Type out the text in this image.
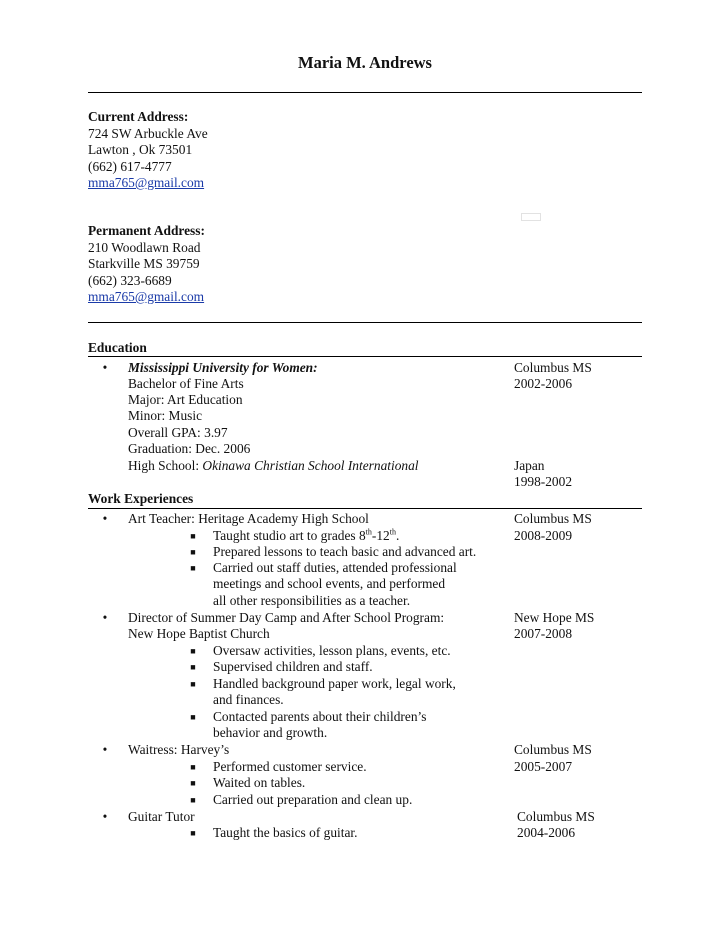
Maria M. Andrews
Current Address:
724 SW Arbuckle Ave
Lawton , Ok 73501
(662) 617-4777
mma765@gmail.com
Permanent Address:
210 Woodlawn Road
Starkville MS 39759
(662) 323-6689
mma765@gmail.com
Education
•	Mississippi University for Women:	Columbus MS
2002-2006
Bachelor of Fine Arts
Major: Art Education
Minor: Music
Overall GPA: 3.97
Graduation: Dec. 2006
High School: Okinawa Christian School International	Japan
1998-2002
Work Experiences
•	Art Teacher: Heritage Academy High School	Columbus MS
2008-2009
■ Taught studio art to grades 8th-12th.
■ Prepared lessons to teach basic and advanced art.
■ Carried out staff duties, attended professional
meetings and school events, and performed
all other responsibilities as a teacher.
•	Director of Summer Day Camp and After School Program:	New Hope MS
New Hope Baptist Church	2007-2008
■ Oversaw activities, lesson plans, events, etc.
■ Supervised children and staff.
■ Handled background paper work, legal work,
and finances.
■ Contacted parents about their children’s
behavior and growth.
•	Waitress: Harvey’s	Columbus MS
2005-2007
■ Performed customer service.
■ Waited on tables.
■ Carried out preparation and clean up.
•	Guitar Tutor	Columbus MS
2004-2006
■ Taught the basics of guitar.
